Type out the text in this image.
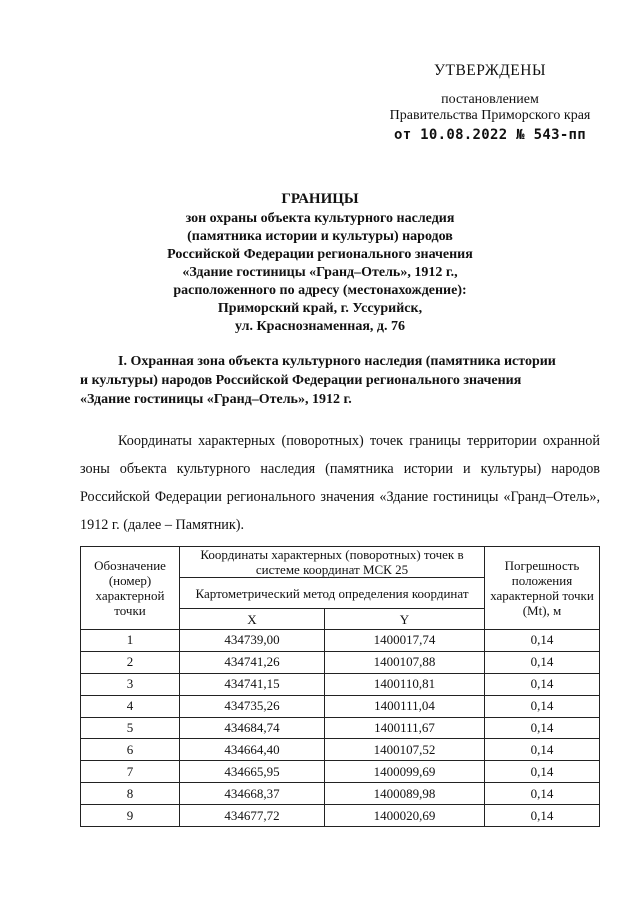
УТВЕРЖДЕНЫ
постановлением
Правительства Приморского края
от 10.08.2022 № 543-пп
ГРАНИЦЫ
зон охраны объекта культурного наследия
(памятника истории и культуры) народов
Российской Федерации регионального значения
«Здание гостиницы «Гранд–Отель», 1912 г.,
расположенного по адресу (местонахождение):
Приморский край, г. Уссурийск,
ул. Краснознаменная, д. 76
I. Охранная зона объекта культурного наследия (памятника истории
и культуры) народов Российской Федерации регионального значения
«Здание гостиницы «Гранд–Отель», 1912 г.
Координаты характерных (поворотных) точек границы территории охранной зоны объекта культурного наследия (памятника истории и культуры) народов Российской Федерации регионального значения «Здание гостиницы «Гранд–Отель», 1912 г. (далее – Памятник).
Обозначение (номер) характерной точки	Координаты характерных (поворотных) точек в системе координат МСК 25		Погрешность положения характерной точки (Mt), м
	Картометрический метод определения координат		
	X	Y	
1	434739,00	1400017,74	0,14
2	434741,26	1400107,88	0,14
3	434741,15	1400110,81	0,14
4	434735,26	1400111,04	0,14
5	434684,74	1400111,67	0,14
6	434664,40	1400107,52	0,14
7	434665,95	1400099,69	0,14
8	434668,37	1400089,98	0,14
9	434677,72	1400020,69	0,14
